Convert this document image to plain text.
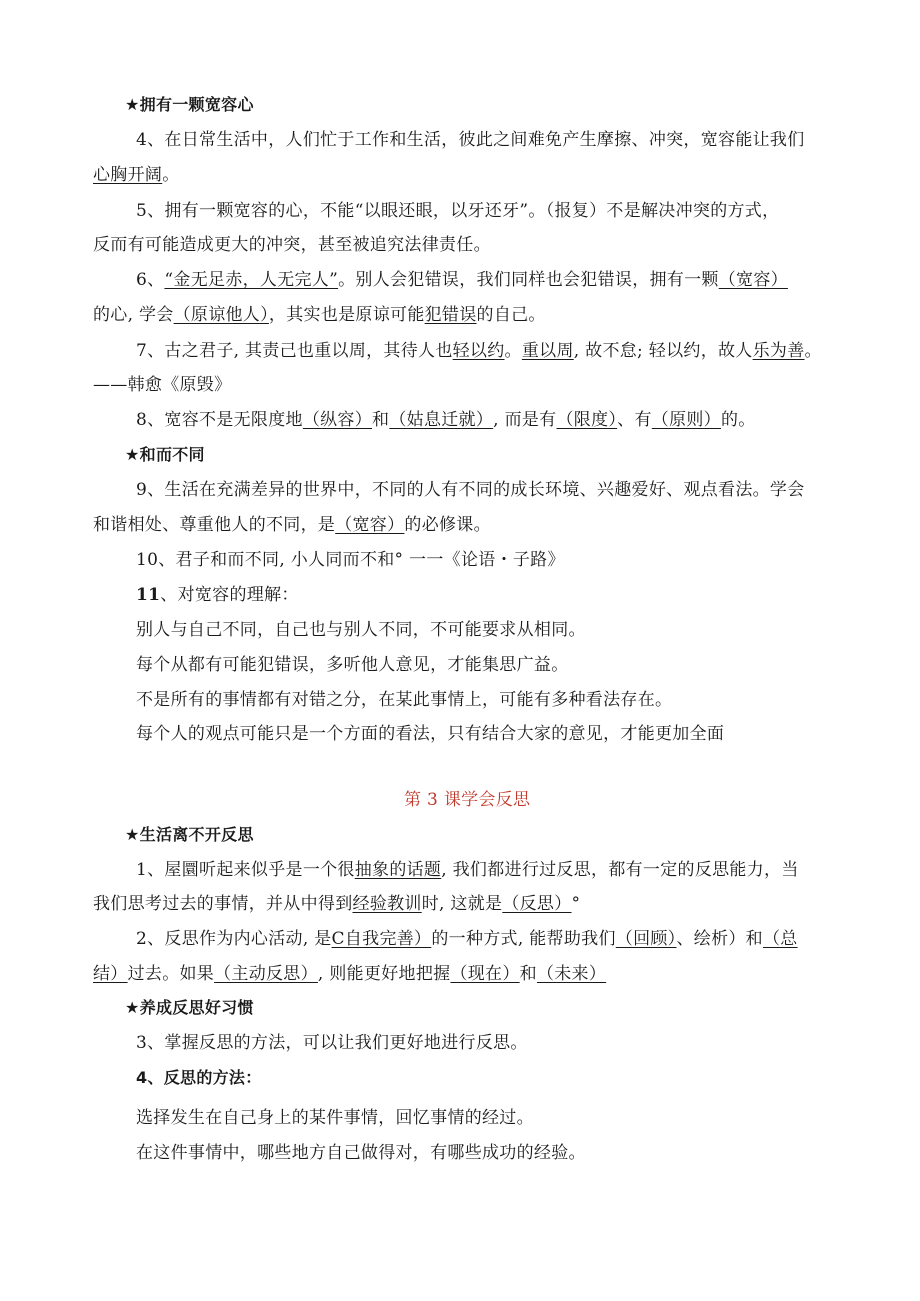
★拥有一颗宽容心
4、在日常生活中，人们忙于工作和生活，彼此之间难免产生摩擦、冲突，宽容能让我们
心胸开阔。
5、拥有一颗宽容的心，不能“以眼还眼，以牙还牙”。（报复）不是解决冲突的方式，
反而有可能造成更大的冲突，甚至被追究法律责任。
6、“金无足赤，人无完人”。别人会犯错误，我们同样也会犯错误，拥有一颗（宽容）
的心, 学会（原谅他人），其实也是原谅可能犯错误的自己。
7、古之君子, 其责己也重以周，其待人也轻以约。重以周, 故不怠; 轻以约，故人乐为善。
——韩愈《原毁》
8、宽容不是无限度地（纵容）和（姑息迁就）, 而是有（限度）、有（原则）的。
★和而不同
9、生活在充满差异的世界中，不同的人有不同的成长环境、兴趣爱好、观点看法。学会
和谐相处、尊重他人的不同，是（宽容）的必修课。
10、君子和而不同, 小人同而不和° 一一《论语・子路》
11、对宽容的理解：
别人与自己不同，自己也与别人不同，不可能要求从相同。
每个从都有可能犯错误，多听他人意见，才能集思广益。
不是所有的事情都有对错之分，在某此事情上，可能有多种看法存在。
每个人的观点可能只是一个方面的看法，只有结合大家的意见，才能更加全面
第 3 课学会反思
★生活离不开反思
1、屋圜听起来似乎是一个很抽象的话题, 我们都进行过反思，都有一定的反思能力，当
我们思考过去的事情，并从中得到经验教训时, 这就是（反思）°
2、反思作为内心活动, 是C自我完善）的一种方式, 能帮助我们（回顾）、绘析）和（总
结）过去。如果（主动反思）, 则能更好地把握（现在）和（未来）
★养成反思好习惯
3、掌握反思的方法，可以让我们更好地进行反思。
4、反思的方法：
选择发生在自己身上的某件事情，回忆事情的经过。
在这件事情中，哪些地方自己做得对，有哪些成功的经验。
